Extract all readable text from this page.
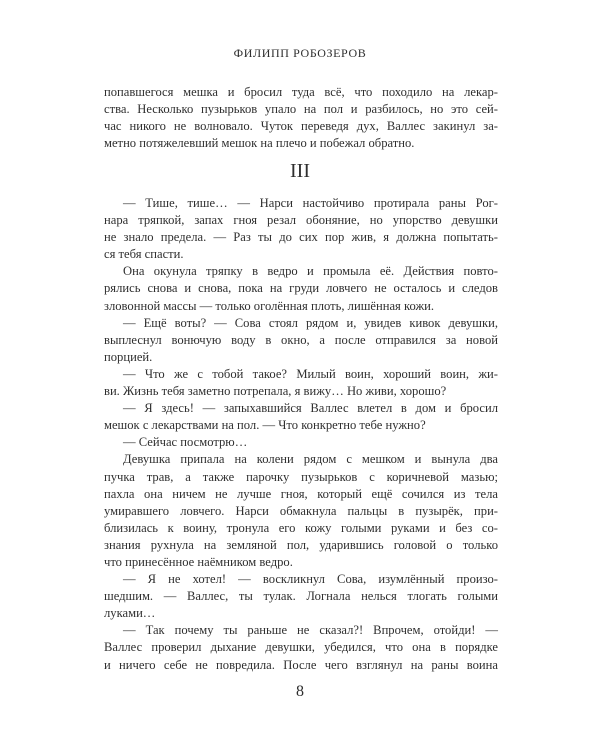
ФИЛИПП РОБОЗЕРОВ
попавшегося мешка и бросил туда всё, что походило на лекар-
ства. Несколько пузырьков упало на пол и разбилось, но это сей-
час никого не волновало. Чуток переведя дух, Валлес закинул за-
метно потяжелевший мешок на плечо и побежал обратно.
III
— Тише, тише… — Нарси настойчиво протирала раны Рог-
нара тряпкой, запах гноя резал обоняние, но упорство девушки
не знало предела. — Раз ты до сих пор жив, я должна попытать-
ся тебя спасти.
Она окунула тряпку в ведро и промыла её. Действия повто-
рялись снова и снова, пока на груди ловчего не осталось и следов
зловонной массы — только оголённая плоть, лишённая кожи.
— Ещё воты? — Сова стоял рядом и, увидев кивок девушки,
выплеснул вонючую воду в окно, а после отправился за новой
порцией.
— Что же с тобой такое? Милый воин, хороший воин, жи-
ви. Жизнь тебя заметно потрепала, я вижу… Но живи, хорошо?
— Я здесь! — запыхавшийся Валлес влетел в дом и бросил
мешок с лекарствами на пол. — Что конкретно тебе нужно?
— Сейчас посмотрю…
Девушка припала на колени рядом с мешком и вынула два
пучка трав, а также парочку пузырьков с коричневой мазью;
пахла она ничем не лучше гноя, который ещё сочился из тела
умиравшего ловчего. Нарси обмакнула пальцы в пузырёк, при-
близилась к воину, тронула его кожу голыми руками и без со-
знания рухнула на земляной пол, ударившись головой о только
что принесённое наёмником ведро.
— Я не хотел! — воскликнул Сова, изумлённый произо-
шедшим. — Валлес, ты тулак. Логнала нелься тлогать голыми
луками…
— Так почему ты раньше не сказал?! Впрочем, отойди! —
Валлес проверил дыхание девушки, убедился, что она в порядке
и ничего себе не повредила. После чего взглянул на раны воина
8
